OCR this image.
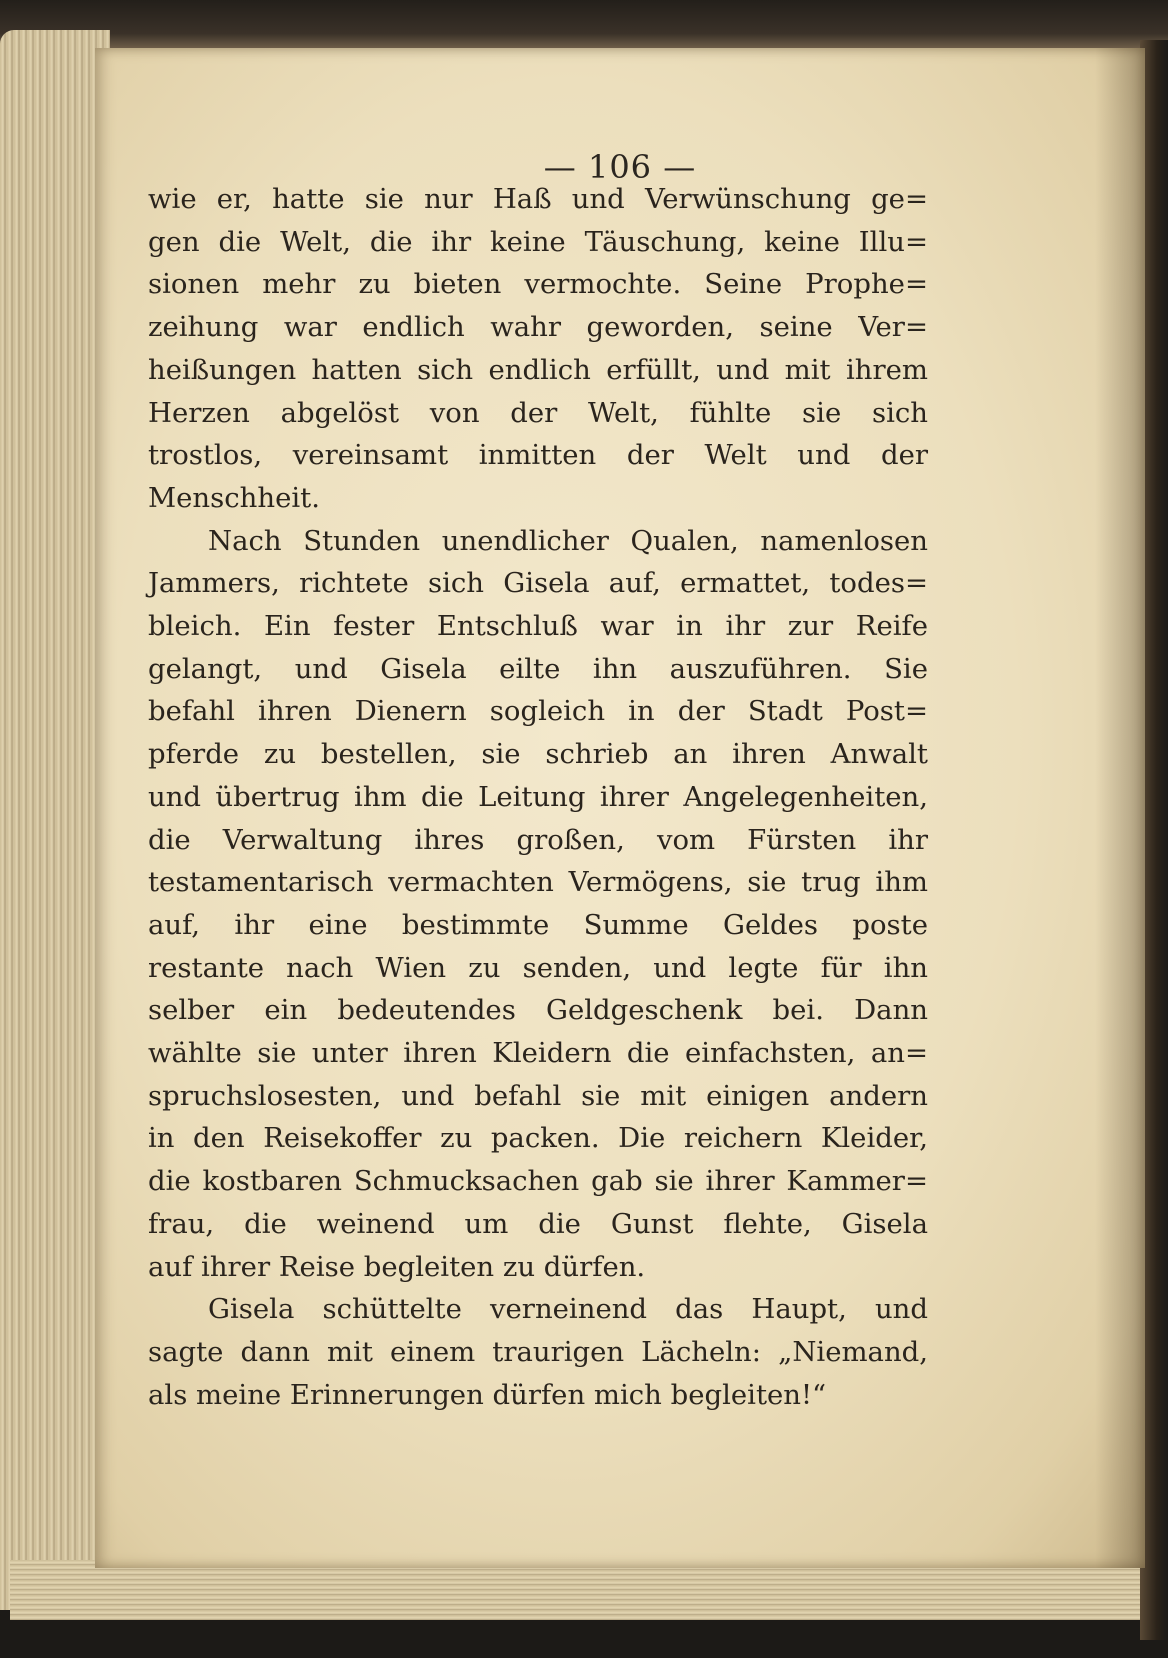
— 106 —
wie er, hatte sie nur Haß und Verwünschung ge=
gen die Welt, die ihr keine Täuschung, keine Illu=
sionen mehr zu bieten vermochte. Seine Prophe=
zeihung war endlich wahr geworden, seine Ver=
heißungen hatten sich endlich erfüllt, und mit ihrem
Herzen abgelöst von der Welt, fühlte sie sich
trostlos, vereinsamt inmitten der Welt und der
Menschheit.
Nach Stunden unendlicher Qualen, namenlosen
Jammers, richtete sich Gisela auf, ermattet, todes=
bleich. Ein fester Entschluß war in ihr zur Reife
gelangt, und Gisela eilte ihn auszuführen. Sie
befahl ihren Dienern sogleich in der Stadt Post=
pferde zu bestellen, sie schrieb an ihren Anwalt
und übertrug ihm die Leitung ihrer Angelegenheiten,
die Verwaltung ihres großen, vom Fürsten ihr
testamentarisch vermachten Vermögens, sie trug ihm
auf, ihr eine bestimmte Summe Geldes poste
restante nach Wien zu senden, und legte für ihn
selber ein bedeutendes Geldgeschenk bei. Dann
wählte sie unter ihren Kleidern die einfachsten, an=
spruchslosesten, und befahl sie mit einigen andern
in den Reisekoffer zu packen. Die reichern Kleider,
die kostbaren Schmucksachen gab sie ihrer Kammer=
frau, die weinend um die Gunst flehte, Gisela
auf ihrer Reise begleiten zu dürfen.
Gisela schüttelte verneinend das Haupt, und
sagte dann mit einem traurigen Lächeln: „Niemand,
als meine Erinnerungen dürfen mich begleiten!“
